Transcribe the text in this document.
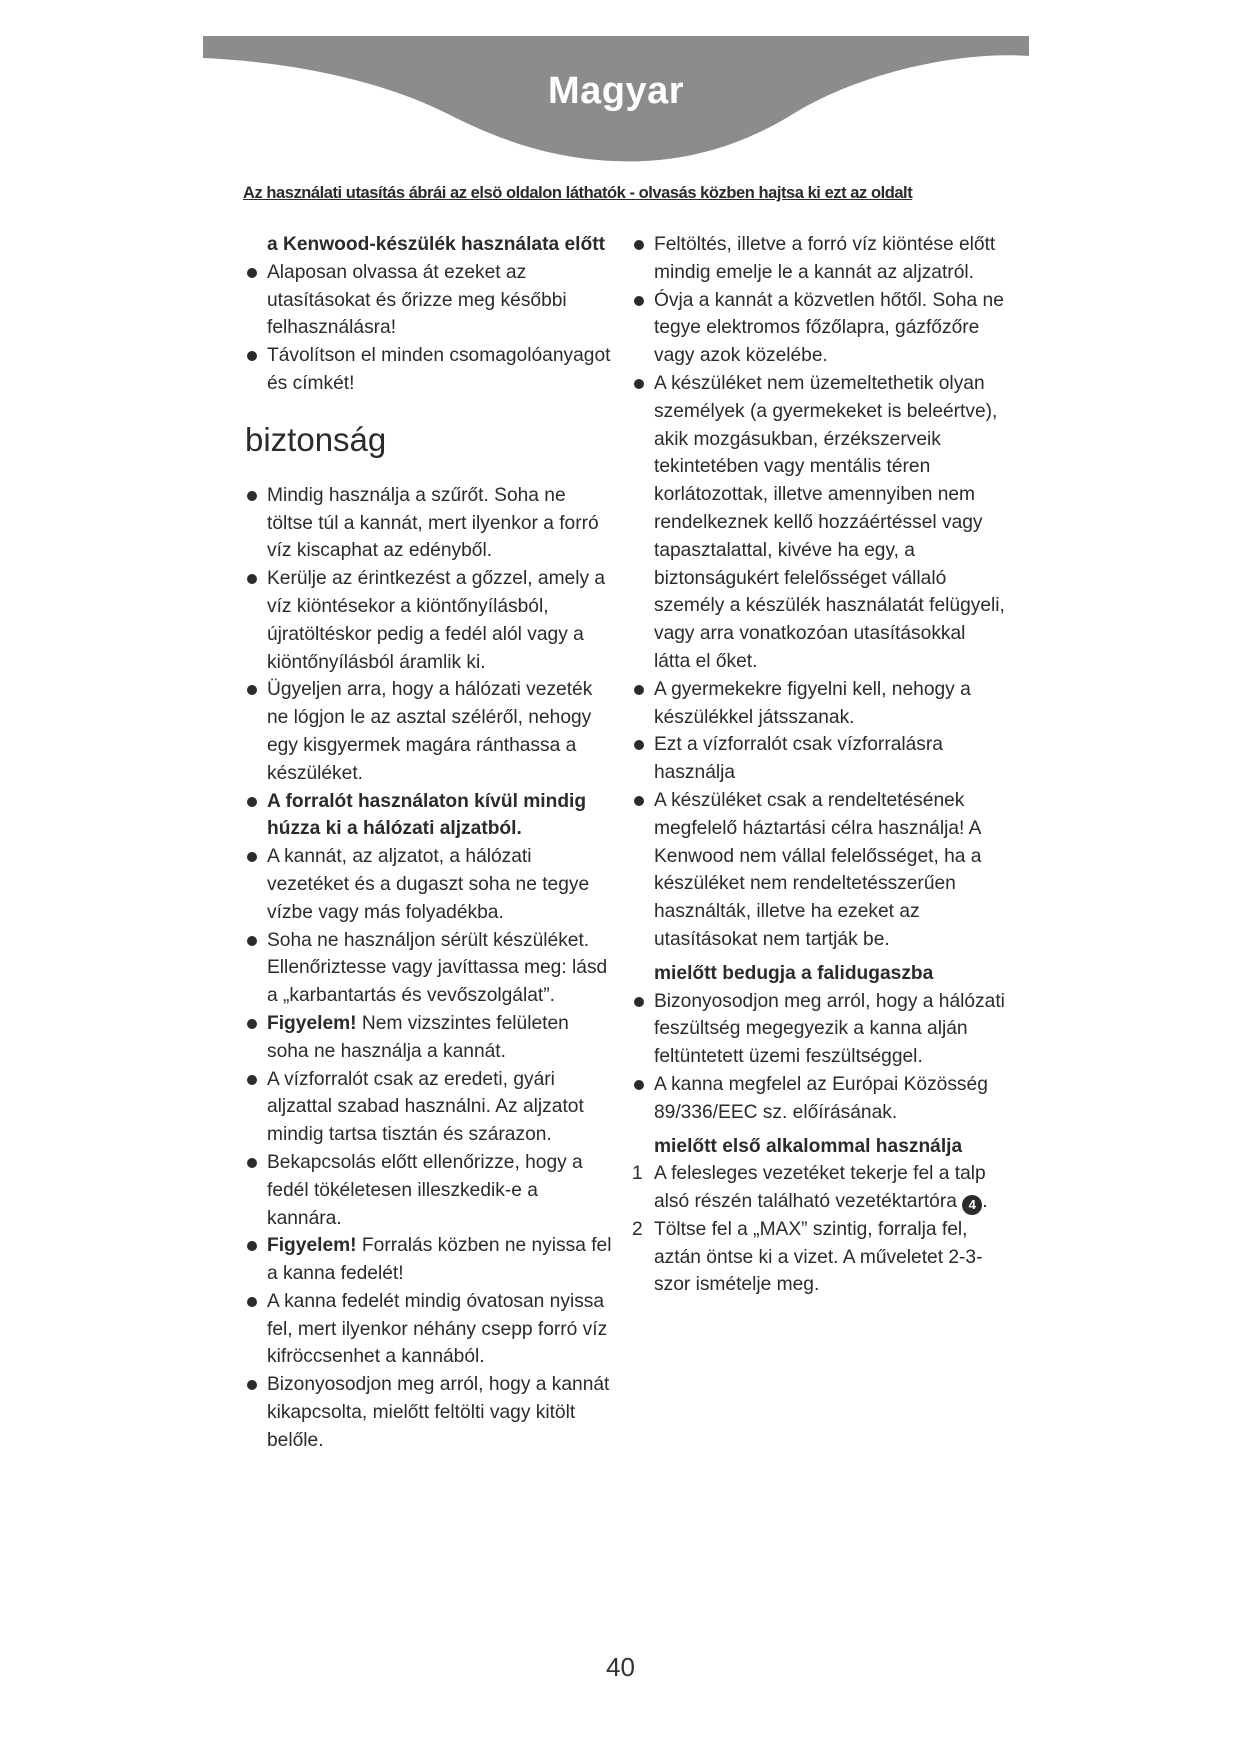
Magyar
Az használati utasítás ábrái az elsö oldalon láthatók - olvasás közben hajtsa ki ezt az oldalt
a Kenwood-készülék használata előtt
Alaposan olvassa át ezeket az utasításokat és őrizze meg későbbi felhasználásra!
Távolítson el minden csomagolóanyagot és címkét!
biztonság
Mindig használja a szűrőt. Soha ne töltse túl a kannát, mert ilyenkor a forró víz kiscaphat az edényből.
Kerülje az érintkezést a gőzzel, amely a víz kiöntésekor a kiöntőnyílásból, újratöltéskor pedig a fedél alól vagy a kiöntőnyílásból áramlik ki.
Ügyeljen arra, hogy a hálózati vezeték ne lógjon le az asztal széléről, nehogy egy kisgyermek magára ránthassa a készüléket.
A forralót használaton kívül mindig húzza ki a hálózati aljzatból.
A kannát, az aljzatot, a hálózati vezetéket és a dugaszt soha ne tegye vízbe vagy más folyadékba.
Soha ne használjon sérült készüléket. Ellenőriztesse vagy javíttassa meg: lásd a „karbantartás és vevőszolgálat”.
Figyelem! Nem vizszintes felületen soha ne használja a kannát.
A vízforralót csak az eredeti, gyári aljzattal szabad használni. Az aljzatot mindig tartsa tisztán és szárazon.
Bekapcsolás előtt ellenőrizze, hogy a fedél tökéletesen illeszkedik-e a kannára.
Figyelem! Forralás közben ne nyissa fel a kanna fedelét!
A kanna fedelét mindig óvatosan nyissa fel, mert ilyenkor néhány csepp forró víz kifröccsenhet a kannából.
Bizonyosodjon meg arról, hogy a kannát kikapcsolta, mielőtt feltölti vagy kitölt belőle.
Feltöltés, illetve a forró víz kiöntése előtt mindig emelje le a kannát az aljzatról.
Óvja a kannát a közvetlen hőtől. Soha ne tegye elektromos főzőlapra, gázfőzőre vagy azok közelébe.
A készüléket nem üzemeltethetik olyan személyek (a gyermekeket is beleértve), akik mozgásukban, érzékszerveik tekintetében vagy mentális téren korlátozottak, illetve amennyiben nem rendelkeznek kellő hozzáértéssel vagy tapasztalattal, kivéve ha egy, a biztonságukért felelősséget vállaló személy a készülék használatát felügyeli, vagy arra vonatkozóan utasításokkal látta el őket.
A gyermekekre figyelni kell, nehogy a készülékkel játsszanak.
Ezt a vízforralót csak vízforralásra használja
A készüléket csak a rendeltetésének megfelelő háztartási célra használja! A Kenwood nem vállal felelősséget, ha a készüléket nem rendeltetésszerűen használták, illetve ha ezeket az utasításokat nem tartják be.
mielőtt bedugja a falidugaszba
Bizonyosodjon meg arról, hogy a hálózati feszültség megegyezik a kanna alján feltüntetett üzemi feszültséggel.
A kanna megfelel az Európai Közösség 89/336/EEC sz. előírásának.
mielőtt első alkalommal használja
1 A felesleges vezetéket tekerje fel a talp alsó részén található vezetéktartóra 4 .
2 Töltse fel a „MAX” szintig, forralja fel, aztán öntse ki a vizet. A műveletet 2-3-szor ismételje meg.
40
